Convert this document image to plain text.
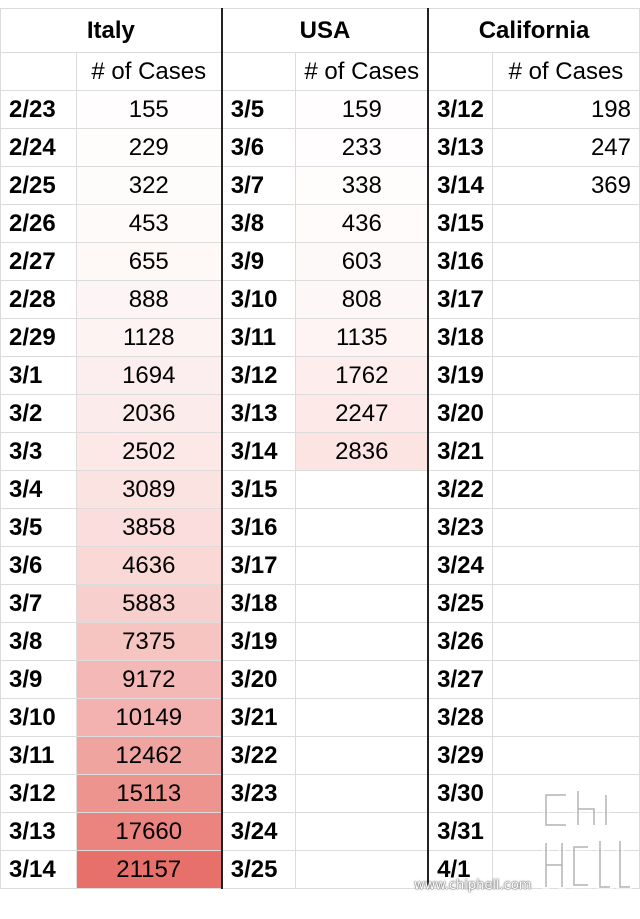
Italy		USA		California	
	# of Cases		# of Cases		# of Cases
2/23	155	3/5	159	3/12	198
2/24	229	3/6	233	3/13	247
2/25	322	3/7	338	3/14	369
2/26	453	3/8	436	3/15	
2/27	655	3/9	603	3/16	
2/28	888	3/10	808	3/17	
2/29	1128	3/11	1135	3/18	
3/1	1694	3/12	1762	3/19	
3/2	2036	3/13	2247	3/20	
3/3	2502	3/14	2836	3/21	
3/4	3089	3/15		3/22	
3/5	3858	3/16		3/23	
3/6	4636	3/17		3/24	
3/7	5883	3/18		3/25	
3/8	7375	3/19		3/26	
3/9	9172	3/20		3/27	
3/10	10149	3/21		3/28	
3/11	12462	3/22		3/29	
3/12	15113	3/23		3/30	
3/13	17660	3/24		3/31	
3/14	21157	3/25		4/1	
www.chiphell.com
